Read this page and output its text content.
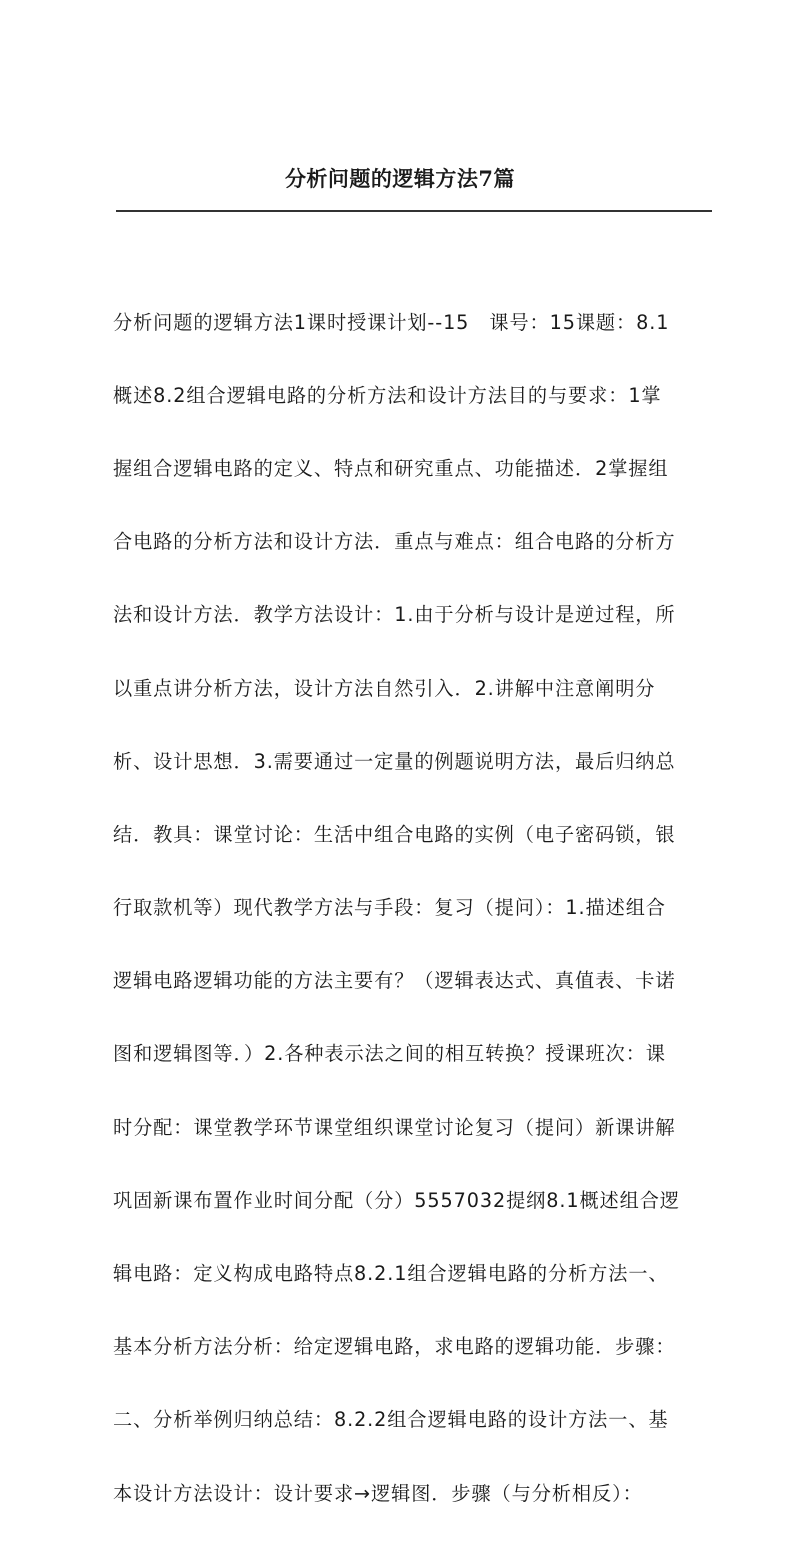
分析问题的逻辑方法7篇

分析问题的逻辑方法1课时授课计划--15　课号：15课题：8.1

概述8.2组合逻辑电路的分析方法和设计方法目的与要求：1掌

握组合逻辑电路的定义、特点和研究重点、功能描述．2掌握组

合电路的分析方法和设计方法．重点与难点：组合电路的分析方

法和设计方法．教学方法设计：1.由于分析与设计是逆过程，所

以重点讲分析方法，设计方法自然引入．2.讲解中注意阐明分

析、设计思想．3.需要通过一定量的例题说明方法，最后归纳总

结．教具：课堂讨论：生活中组合电路的实例（电子密码锁，银

行取款机等）现代教学方法与手段：复习（提问）：1.描述组合

逻辑电路逻辑功能的方法主要有？（逻辑表达式、真值表、卡诺

图和逻辑图等．）2.各种表示法之间的相互转换？授课班次：课

时分配：课堂教学环节课堂组织课堂讨论复习（提问）新课讲解

巩固新课布置作业时间分配（分）5557032提纲8.1概述组合逻

辑电路：定义构成电路特点8.2.1组合逻辑电路的分析方法一、

基本分析方法分析：给定逻辑电路，求电路的逻辑功能．步骤：

二、分析举例归纳总结：8.2.2组合逻辑电路的设计方法一、基

本设计方法设计：设计要求→逻辑图．步骤（与分析相反）：
